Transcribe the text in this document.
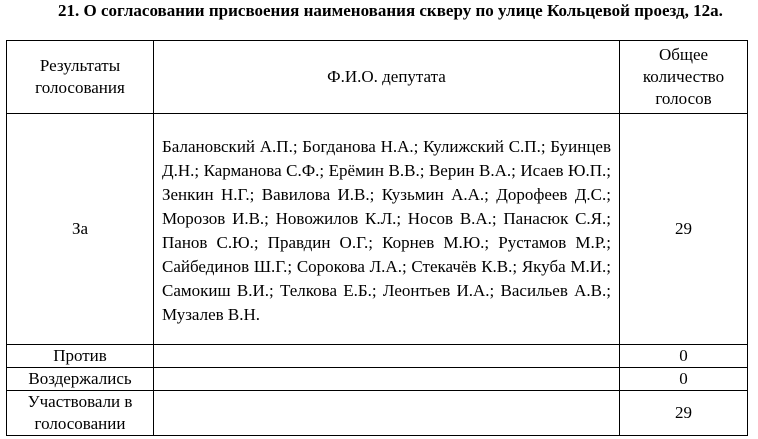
21. О согласовании присвоения наименования скверу по улице Кольцевой проезд, 12а.
Результаты голосования	Ф.И.О. депутата	Общее количество голосов
За	Балановский А.П.; Богданова Н.А.; Кулижский С.П.; Буинцев Д.Н.; Карманова С.Ф.; Ерёмин В.В.; Верин В.А.; Исаев Ю.П.; Зенкин Н.Г.; Вавилова И.В.; Кузьмин А.А.; Дорофеев Д.С.; Морозов И.В.; Новожилов К.Л.; Носов В.А.; Панасюк С.Я.; Панов С.Ю.; Правдин О.Г.; Корнев М.Ю.; Рустамов М.Р.; Сайбединов Ш.Г.; Сорокова Л.А.; Стекачёв К.В.; Якуба М.И.; Самокиш В.И.; Телкова Е.Б.; Леонтьев И.А.; Васильев А.В.; Музалев В.Н.	29
Против		0
Воздержались		0
Участвовали в голосовании		29
